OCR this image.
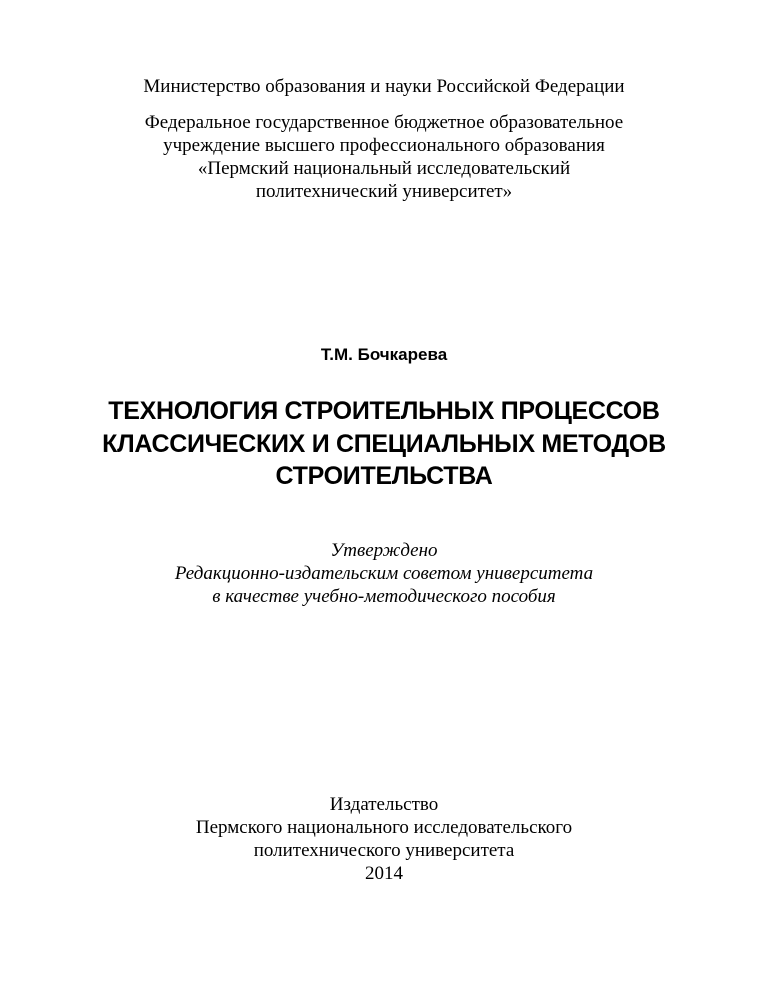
Министерство образования и науки Российской Федерации
Федеральное государственное бюджетное образовательное
учреждение высшего профессионального образования
«Пермский национальный исследовательский
политехнический университет»
Т.М. Бочкарева
ТЕХНОЛОГИЯ СТРОИТЕЛЬНЫХ ПРОЦЕССОВ
КЛАССИЧЕСКИХ И СПЕЦИАЛЬНЫХ МЕТОДОВ
СТРОИТЕЛЬСТВА
Утверждено
Редакционно-издательским советом университета
в качестве учебно-методического пособия
Издательство
Пермского национального исследовательского
политехнического университета
2014
